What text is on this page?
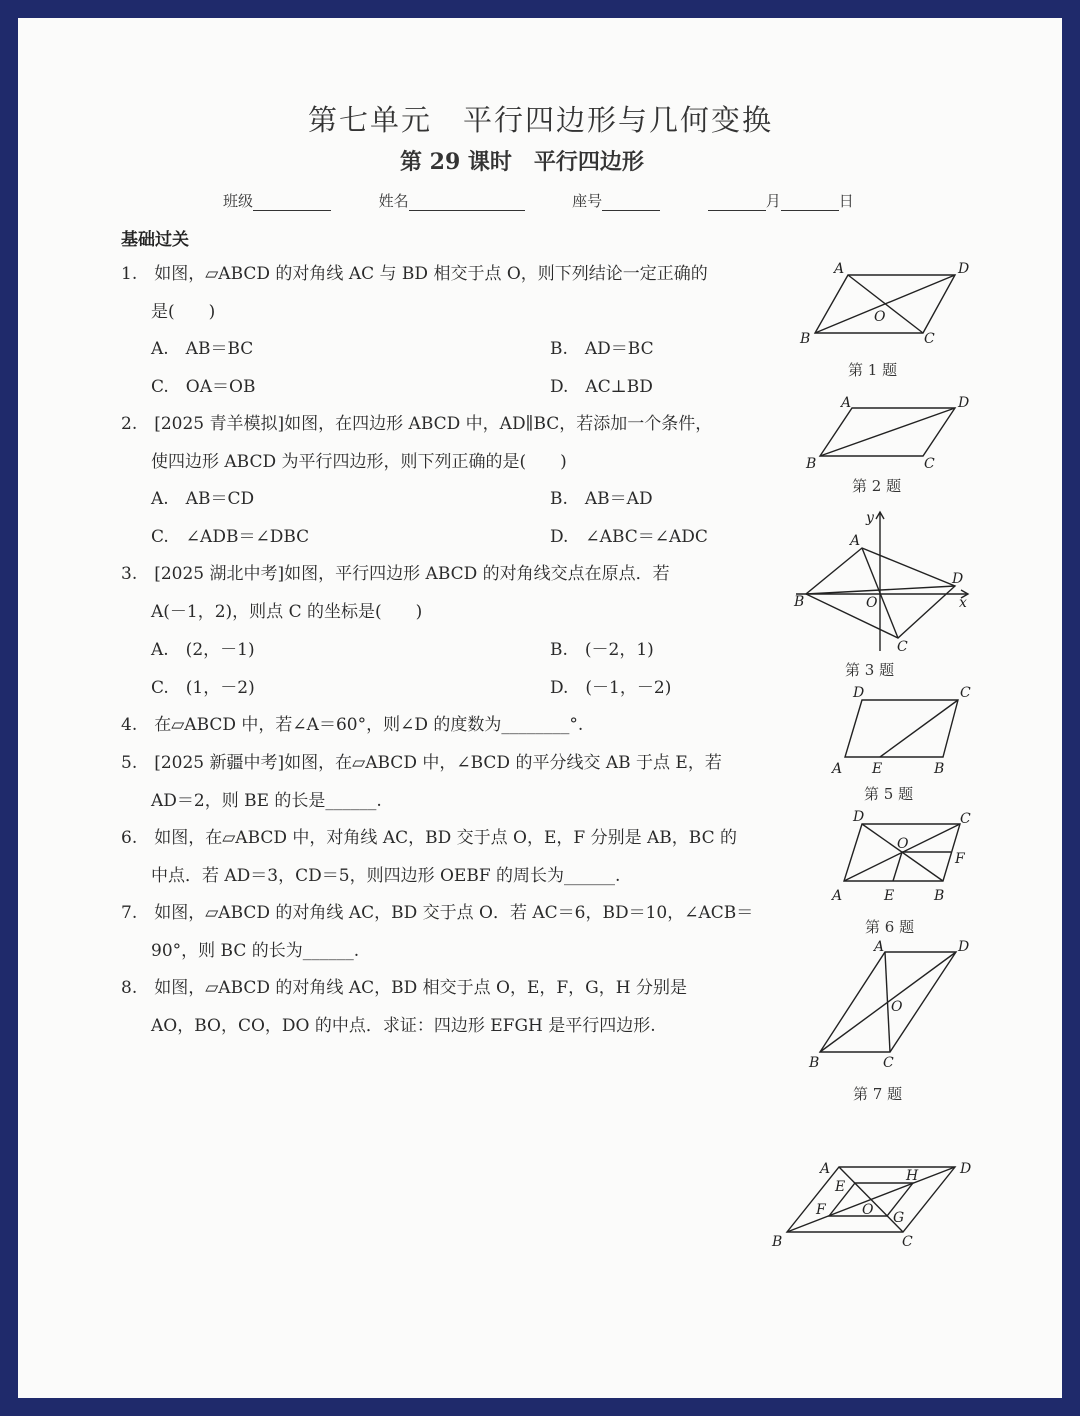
第七单元　平行四边形与几何变换
第 29 课时　平行四边形
班级	姓名	座号	月	日
基础过关
1.　如图，▱ABCD 的对角线 AC 与 BD 相交于点 O，则下列结论一定正确的
是(　　)
A.　AB＝BC	B.　AD＝BC
C.　OA＝OB	D.　AC⊥BD
2.　[2025 青羊模拟]如图，在四边形 ABCD 中，AD∥BC，若添加一个条件，
使四边形 ABCD 为平行四边形，则下列正确的是(　　)
A.　AB＝CD	B.　AB＝AD
C.　∠ADB＝∠DBC	D.　∠ABC＝∠ADC
3.　[2025 湖北中考]如图，平行四边形 ABCD 的对角线交点在原点．若
A(－1，2)，则点 C 的坐标是(　　)
A.　(2，－1)	B.　(－2，1)
C.　(1，－2)	D.　(－1，－2)
4.　在▱ABCD 中，若∠A＝60°，则∠D 的度数为________°.
5.　[2025 新疆中考]如图，在▱ABCD 中，∠BCD 的平分线交 AB 于点 E，若
AD＝2，则 BE 的长是______.
6.　如图，在▱ABCD 中，对角线 AC，BD 交于点 O，E，F 分别是 AB，BC 的
中点．若 AD＝3，CD＝5，则四边形 OEBF 的周长为______.
7.　如图，▱ABCD 的对角线 AC，BD 交于点 O．若 AC＝6，BD＝10，∠ACB＝
90°，则 BC 的长为______.
8.　如图，▱ABCD 的对角线 AC，BD 相交于点 O，E，F，G，H 分别是
AO，BO，CO，DO 的中点．求证：四边形 EFGH 是平行四边形.
A	D
B	C
O
A	D
B	C
A
D
B
C
O	x
y
D	C
A E	B
D	C
A	E	B
F
O
A	D
B	C
O
A	D
B	C
E
H
F	G
O
第 1 题
第 2 题
第 3 题
第 5 题
第 6 题
第 7 题
